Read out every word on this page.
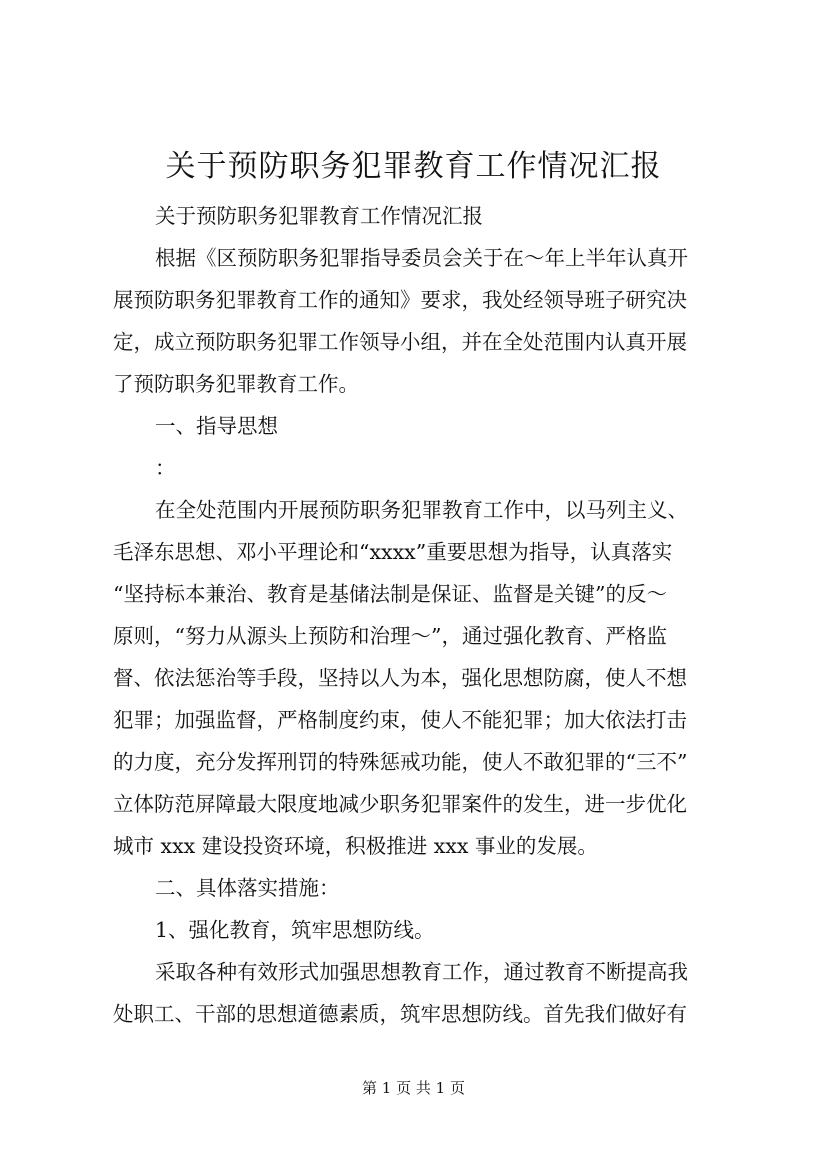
关于预防职务犯罪教育工作情况汇报

关于预防职务犯罪教育工作情况汇报

根据《区预防职务犯罪指导委员会关于在～年上半年认真开
展预防职务犯罪教育工作的通知》要求，我处经领导班子研究决
定，成立预防职务犯罪工作领导小组，并在全处范围内认真开展
了预防职务犯罪教育工作。

一、指导思想

：

在全处范围内开展预防职务犯罪教育工作中，以马列主义、
毛泽东思想、邓小平理论和“xxxx”重要思想为指导，认真落实
“坚持标本兼治、教育是基储法制是保证、监督是关键”的反～
原则，“努力从源头上预防和治理～”，通过强化教育、严格监
督、依法惩治等手段，坚持以人为本，强化思想防腐，使人不想
犯罪；加强监督，严格制度约束，使人不能犯罪；加大依法打击
的力度，充分发挥刑罚的特殊惩戒功能，使人不敢犯罪的“三不”
立体防范屏障最大限度地减少职务犯罪案件的发生，进一步优化
城市 xxx 建设投资环境，积极推进 xxx 事业的发展。

二、具体落实措施：

1、强化教育，筑牢思想防线。

采取各种有效形式加强思想教育工作，通过教育不断提高我
处职工、干部的思想道德素质，筑牢思想防线。首先我们做好有

第 1 页 共 1 页
